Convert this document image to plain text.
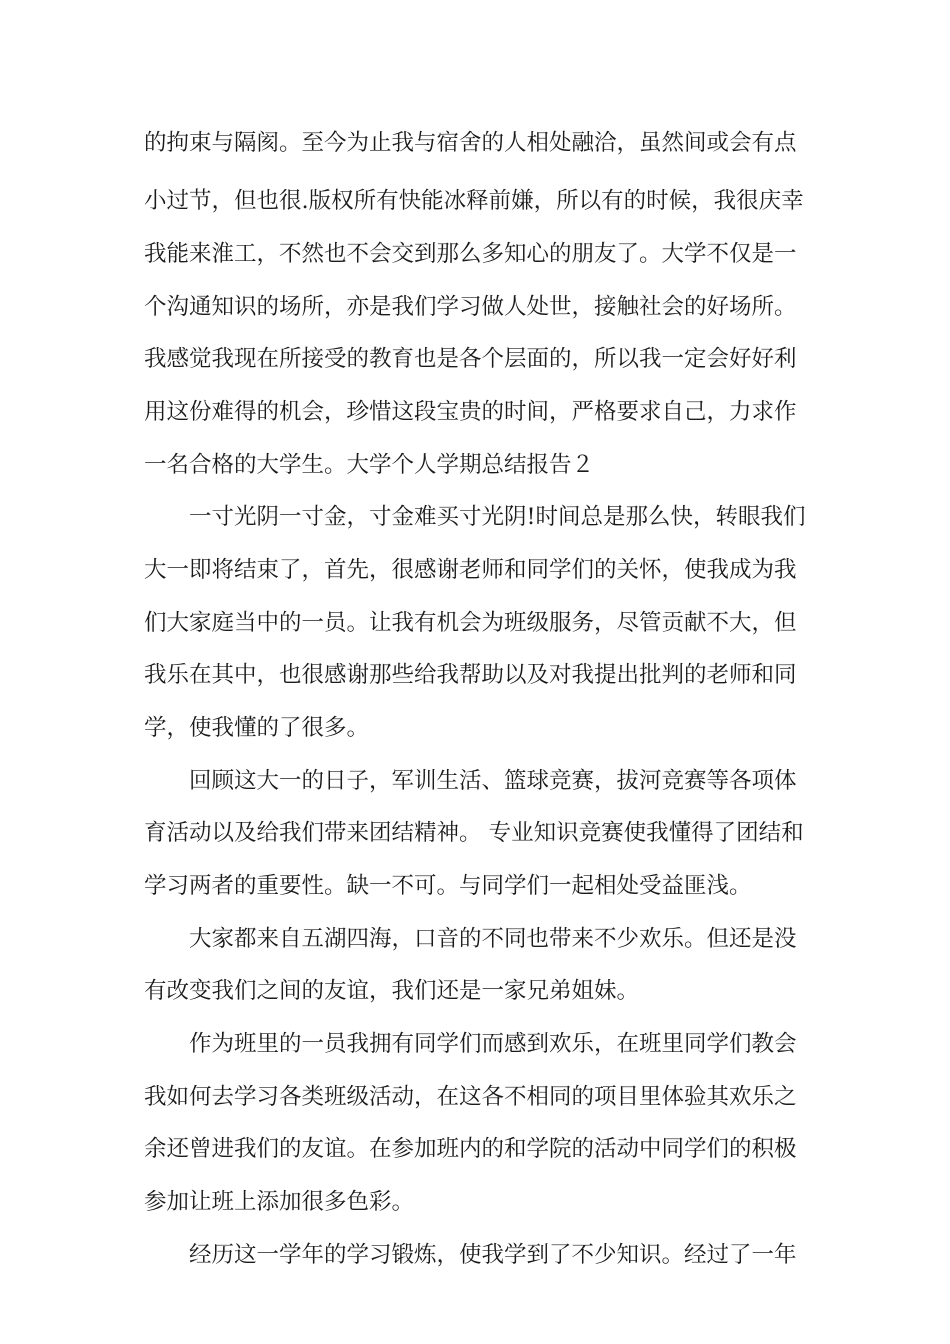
的拘束与隔阂。至今为止我与宿舍的人相处融洽，虽然间或会有点
小过节，但也很.版权所有快能冰释前嫌，所以有的时候，我很庆幸
我能来淮工，不然也不会交到那么多知心的朋友了。大学不仅是一
个沟通知识的场所，亦是我们学习做人处世，接触社会的好场所。
我感觉我现在所接受的教育也是各个层面的，所以我一定会好好利
用这份难得的机会，珍惜这段宝贵的时间，严格要求自己，力求作
一名合格的大学生。大学个人学期总结报告２
一寸光阴一寸金，寸金难买寸光阴!时间总是那么快，转眼我们
大一即将结束了，首先，很感谢老师和同学们的关怀，使我成为我
们大家庭当中的一员。让我有机会为班级服务，尽管贡献不大，但
我乐在其中，也很感谢那些给我帮助以及对我提出批判的老师和同
学，使我懂的了很多。
回顾这大一的日子，军训生活、篮球竞赛，拔河竞赛等各项体
育活动以及给我们带来团结精神。 专业知识竞赛使我懂得了团结和
学习两者的重要性。缺一不可。与同学们一起相处受益匪浅。
大家都来自五湖四海，口音的不同也带来不少欢乐。但还是没
有改变我们之间的友谊，我们还是一家兄弟姐妹。
作为班里的一员我拥有同学们而感到欢乐，在班里同学们教会
我如何去学习各类班级活动，在这各不相同的项目里体验其欢乐之
余还曾进我们的友谊。在参加班内的和学院的活动中同学们的积极
参加让班上添加很多色彩。
经历这一学年的学习锻炼，使我学到了不少知识。经过了一年
